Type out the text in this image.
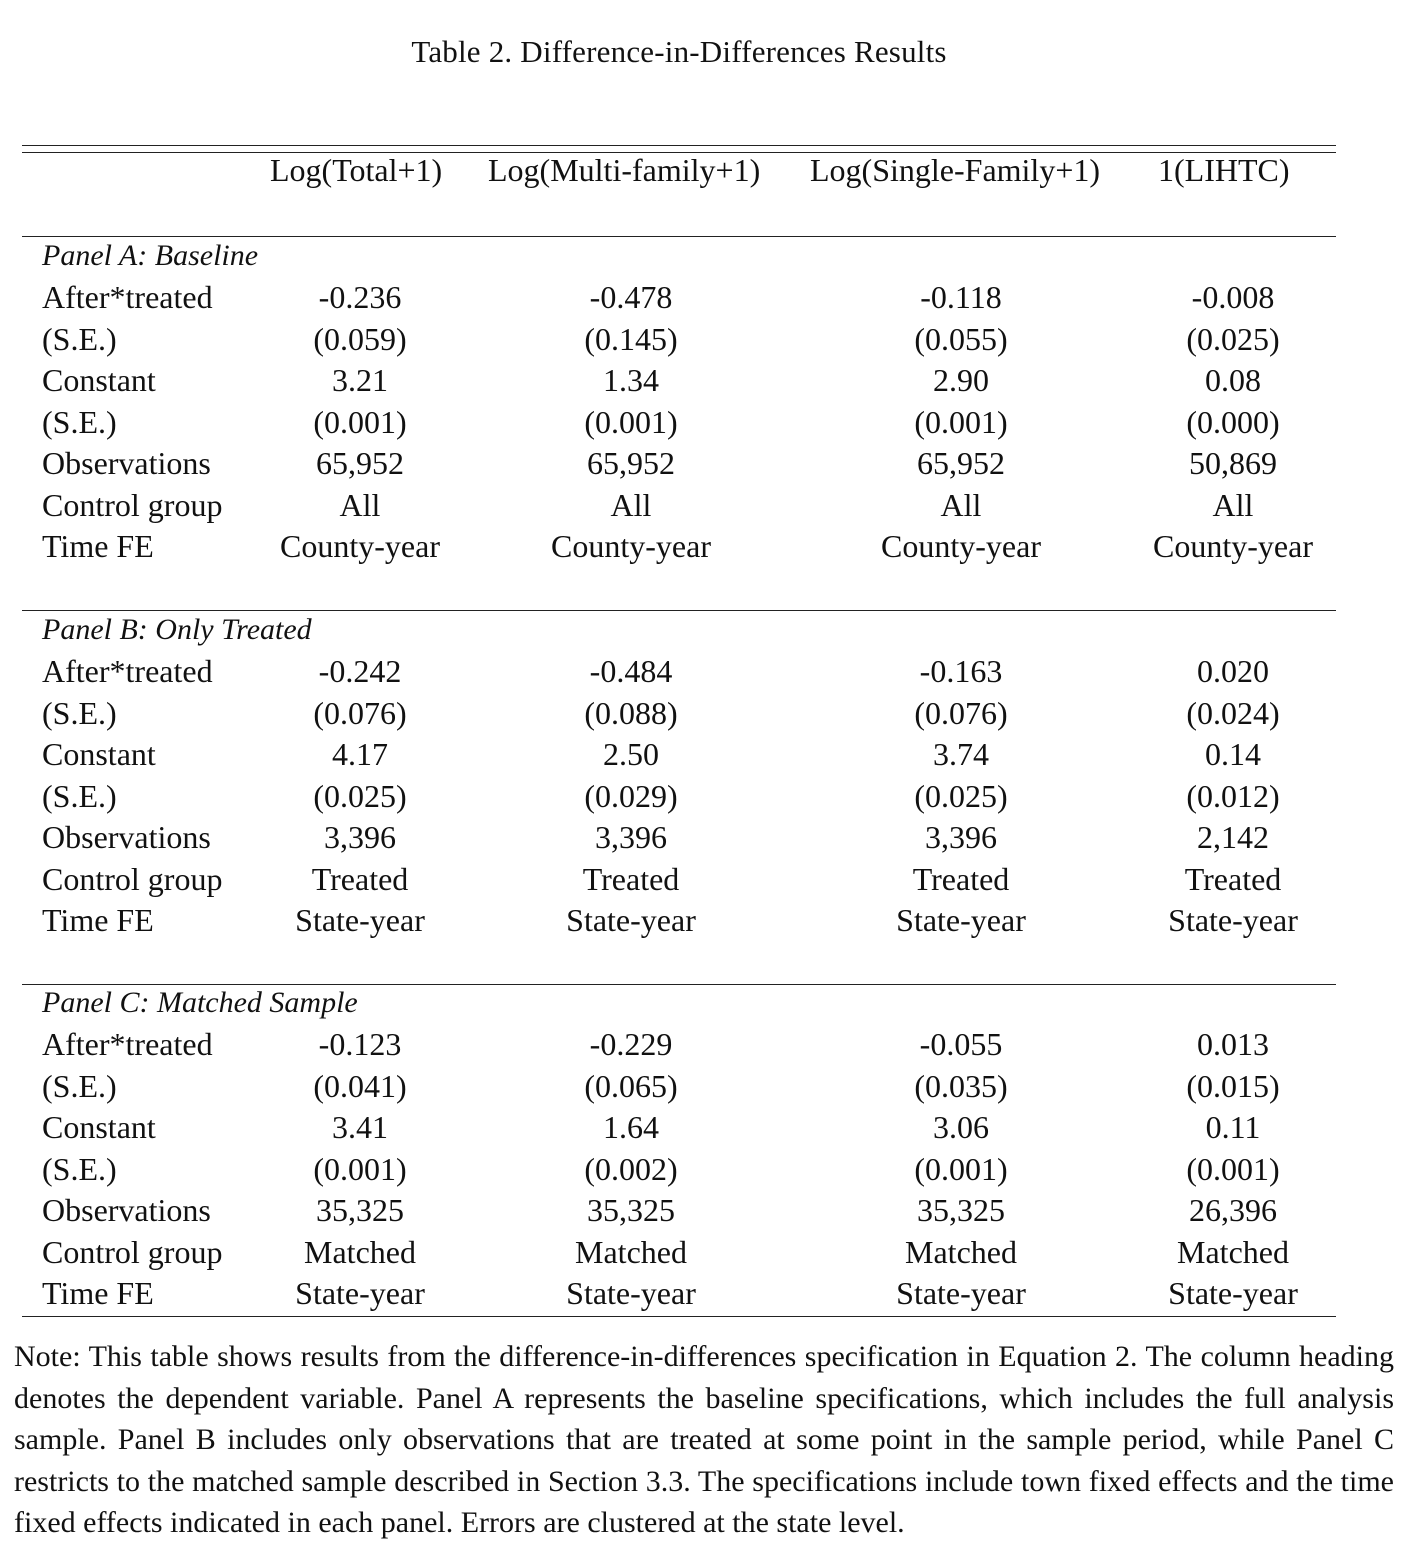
Table 2. Difference-in-Differences Results
Log(Total+1) Log(Multi-family+1) Log(Single-Family+1) 1(LIHTC)
Panel A: Baseline
After*treated	-0.236	-0.478	-0.118	-0.008
(S.E.)	(0.059)	(0.145)	(0.055)	(0.025)
Constant	3.21	1.34	2.90	0.08
(S.E.)	(0.001)	(0.001)	(0.001)	(0.000)
Observations	65,952	65,952	65,952	50,869
Control group	All	All	All	All
Time FE	County-year	County-year	County-year	County-year
Panel B: Only Treated
After*treated	-0.242	-0.484	-0.163	0.020
(S.E.)	(0.076)	(0.088)	(0.076)	(0.024)
Constant	4.17	2.50	3.74	0.14
(S.E.)	(0.025)	(0.029)	(0.025)	(0.012)
Observations	3,396	3,396	3,396	2,142
Control group	Treated	Treated	Treated	Treated
Time FE	State-year	State-year	State-year	State-year
Panel C: Matched Sample
After*treated	-0.123	-0.229	-0.055	0.013
(S.E.)	(0.041)	(0.065)	(0.035)	(0.015)
Constant	3.41	1.64	3.06	0.11
(S.E.)	(0.001)	(0.002)	(0.001)	(0.001)
Observations	35,325	35,325	35,325	26,396
Control group	Matched	Matched	Matched	Matched
Time FE	State-year	State-year	State-year	State-year
Note: This table shows results from the difference-in-differences specification in Equation 2. The column heading denotes the dependent variable. Panel A represents the baseline specifications, which includes the full analysis sample. Panel B includes only observations that are treated at some point in the sample period, while Panel C restricts to the matched sample described in Section 3.3. The specifications include town fixed effects and the time fixed effects indicated in each panel. Errors are clustered at the state level.
